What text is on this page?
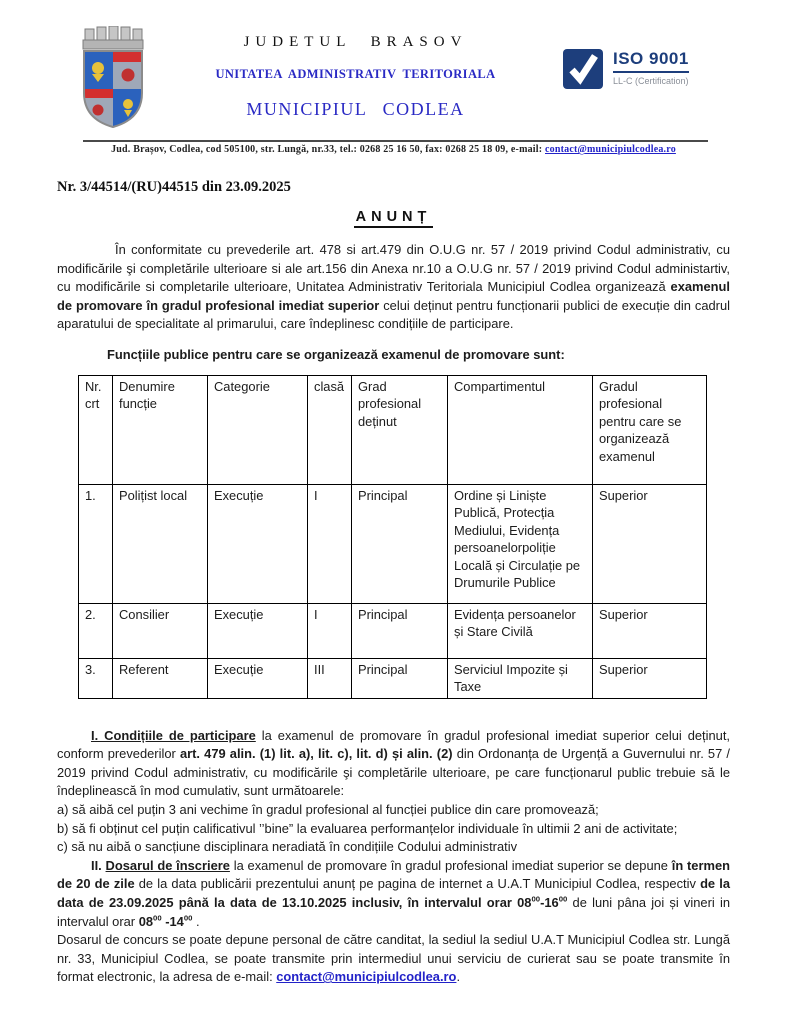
JUDETUL BRASOV
UNITATEA ADMINISTRATIV TERITORIALA
MUNICIPIUL CODLEA
ISO 9001
LL-C (Certification)
Jud. Brașov, Codlea, cod 505100, str. Lungă, nr.33, tel.: 0268 25 16 50, fax: 0268 25 18 09, e-mail: contact@municipiulcodlea.ro
Nr. 3/44514/(RU)44515 din 23.09.2025
ANUNȚ

În conformitate cu prevederile art. 478 si art.479 din O.U.G nr. 57 / 2019 privind Codul administrativ, cu modificările şi completările ulterioare si ale art.156 din Anexa nr.10 a O.U.G nr. 57 / 2019 privind Codul administartiv, cu modificările si completarile ulterioare, Unitatea Administrativ Teritoriala Municipiul Codlea organizează examenul de promovare în gradul profesional imediat superior celui deținut pentru funcționarii publici de execuție din cadrul aparatului de specialitate al primarului, care îndeplinesc condițiile de participare.

Funcțiile publice pentru care se organizează examenul de promovare sunt:
Nr. crt	Denumire funcție	Categorie	clasă	Grad profesional deținut	Compartimentul	Gradul profesional pentru care se organizează examenul
1.	Polițist local	Execuție	I	Principal	Ordine și Liniște Publică, Protecția Mediului, Evidența persoanelorpoliție Locală și Circulație pe Drumurile Publice	Superior
2.	Consilier	Execuție	I	Principal	Evidența persoanelor și Stare Civilă	Superior
3.	Referent	Execuție	III	Principal	Serviciul Impozite și Taxe	Superior

I. Condițiile de participare la examenul de promovare în gradul profesional imediat superior celui deținut, conform prevederilor art. 479 alin. (1) lit. a), lit. c), lit. d) și alin. (2) din Ordonanța de Urgență a Guvernului nr. 57 / 2019 privind Codul administrativ, cu modificările şi completările ulterioare, pe care funcționarul public trebuie să le îndeplinească în mod cumulativ, sunt următoarele:

a) să aibă cel puțin 3 ani vechime în gradul profesional al funcției publice din care promovează;

b) să fi obținut cel puțin calificativul ’’bine” la evaluarea performanțelor individuale în ultimii 2 ani de activitate;

c) să nu aibă o sancțiune disciplinara neradiată în condițiile Codului administrativ

II. Dosarul de înscriere la examenul de promovare în gradul profesional imediat superior se depune în termen de 20 de zile de la data publicării prezentului anunț pe pagina de internet a U.A.T Municipiul Codlea, respectiv de la data de 23.09.2025 până la data de 13.10.2025 inclusiv, în intervalul orar $08^{00}-16^{00}$ de luni pâna joi și vineri in intervalul orar $08^{00}$ $-14^{00}$ .

Dosarul de concurs se poate depune personal de către canditat, la sediul la sediul U.A.T Municipiul Codlea str. Lungă nr. 33, Municipiul Codlea, se poate transmite prin intermediul unui serviciu de curierat sau se poate transmite în format electronic, la adresa de e-mail: contact@municipiulcodlea.ro.
